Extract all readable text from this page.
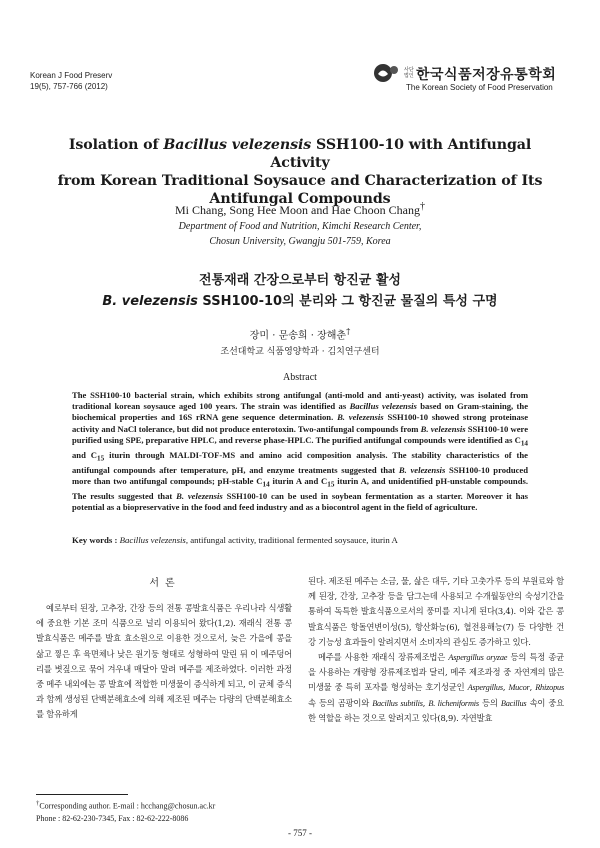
Korean J Food Preserv
19(5), 757-766 (2012)
사단 법인 한국식품저장유통학회
The Korean Society of Food Preservation
Isolation of Bacillus velezensis SSH100-10 with Antifungal Activity
from Korean Traditional Soysauce and Characterization of Its
Antifungal Compounds
Mi Chang, Song Hee Moon and Hae Choon Chang†
Department of Food and Nutrition, Kimchi Research Center,
Chosun University, Gwangju 501-759, Korea
전통재래 간장으로부터 항진균 활성
B. velezensis SSH100-10의 분리와 그 항진균 물질의 특성 구명
장미 · 문송희 · 장해춘†
조선대학교 식품영양학과 · 김치연구센터
Abstract
The SSH100-10 bacterial strain, which exhibits strong antifungal (anti-mold and anti-yeast) activity, was isolated from traditional korean soysauce aged 100 years. The strain was identified as Bacillus velezensis based on Gram-staining, the biochemical properties and 16S rRNA gene sequence determination. B. velezensis SSH100-10 showed strong proteinase activity and NaCl tolerance, but did not produce enterotoxin. Two-antifungal compounds from B. velezensis SSH100-10 were purified using SPE, preparative HPLC, and reverse phase-HPLC. The purified antifungal compounds were identified as $C_{14}$ and $C_{15}$ iturin through MALDI-TOF-MS and amino acid composition analysis. The stability characteristics of the antifungal compounds after temperature, pH, and enzyme treatments suggested that B. velezensis SSH100-10 produced more than two antifungal compounds; pH-stable $C_{14}$ iturin A and $C_{15}$ iturin A, and unidentified pH-unstable compounds. The results suggested that B. velezensis SSH100-10 can be used in soybean fermentation as a starter. Moreover it has potential as a biopreservative in the food and feed industry and as a biocontrol agent in the field of agriculture.
Key words : Bacillus velezensis, antifungal activity, traditional fermented soysauce, iturin A
서론

예로부터 된장, 고추장, 간장 등의 전통 콩발효식품은 우리나라 식생활에 중요한 기본 조미 식품으로 널리 이용되어 왔다(1,2). 재래식 전통 콩발효식품은 메주를 발효 효소원으로 이용한 것으로서, 늦은 가을에 콩을 삶고 찧은 후 육면체나 낮은 원기둥 형태로 성형하여 말린 뒤 이 메주덩어리를 볏짚으로 묶어 겨우내 매달아 말려 메주를 제조하였다. 이러한 과정 중 메주 내외에는 콩 발효에 적합한 미생물이 증식하게 되고, 이 균체 증식과 함께 생성된 단백분해효소에 의해 제조된 메주는 다량의 단백분해효소를 함유하게

된다. 제조된 메주는 소금, 물, 삶은 대두, 기타 고춧가루 등의 부원료와 함께 된장, 간장, 고추장 등을 담그는데 사용되고 수개월동안의 숙성기간을 통하여 독특한 발효식품으로서의 풍미를 지니게 된다(3,4). 이와 같은 콩발효식품은 항돌연변이성(5), 항산화능(6), 혈전용해능(7) 등 다양한 건강 기능성 효과들이 알려지면서 소비자의 관심도 증가하고 있다.

메주를 사용한 재래식 장류제조법은 Aspergillus oryzae 등의 특정 종균을 사용하는 개량형 장류제조법과 달리, 메주 제조과정 중 자연계의 많은 미생물 중 특히 포자를 형성하는 호기성균인 Aspergillus, Mucor, Rhizopus 속 등의 곰팡이와 Bacillus subtilis, B. licheniformis 등의 Bacillus 속이 중요한 역할을 하는 것으로 알려지고 있다(8,9). 자연발효

†Corresponding author. E-mail : hcchang@chosun.ac.kr
Phone : 82-62-230-7345, Fax : 82-62-222-8086
- 757 -
